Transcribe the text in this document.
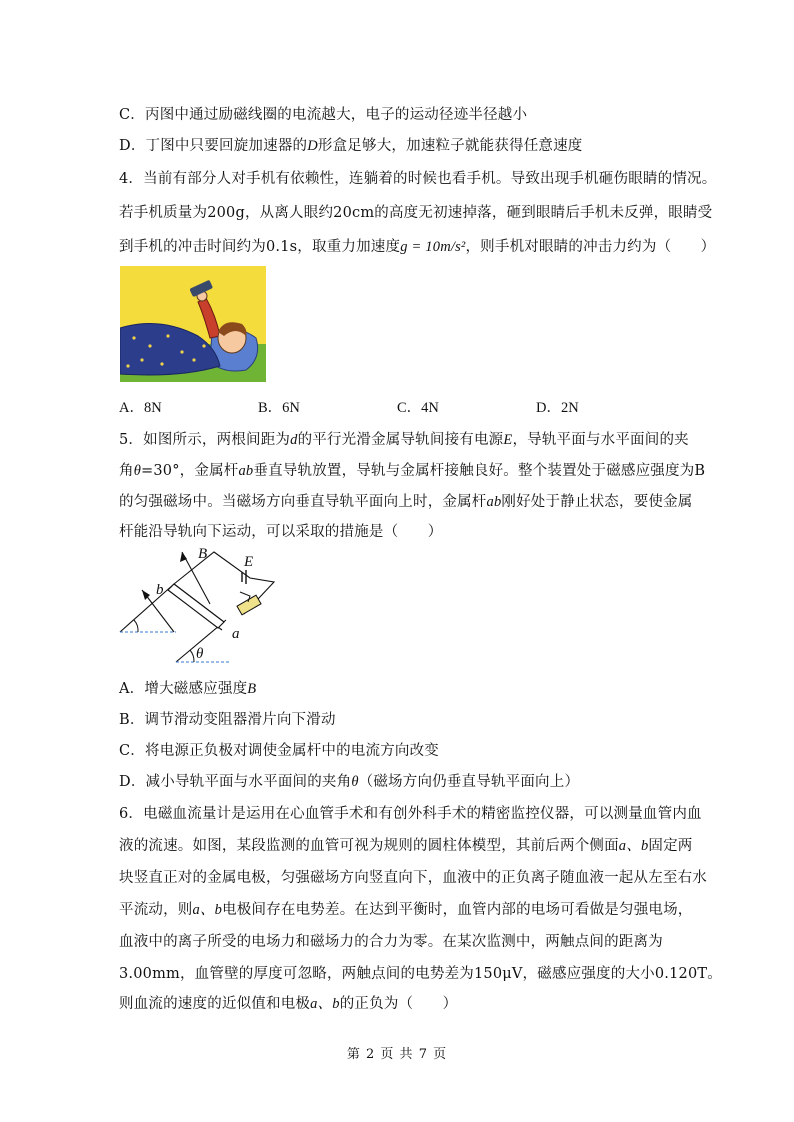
C．丙图中通过励磁线圈的电流越大，电子的运动径迹半径越小
D．丁图中只要回旋加速器的D形盒足够大，加速粒子就能获得任意速度
4．当前有部分人对手机有依赖性，连躺着的时候也看手机。导致出现手机砸伤眼睛的情况。
若手机质量为200g，从离人眼约20cm的高度无初速掉落，砸到眼睛后手机未反弹，眼睛受
到手机的冲击时间约为0.1s，取重力加速度g = 10m/s²，则手机对眼睛的冲击力约为（　　）
A．8N	B．6N	C．4N	D．2N
5．如图所示，两根间距为d的平行光滑金属导轨间接有电源E，导轨平面与水平面间的夹
角θ=30°，金属杆ab垂直导轨放置，导轨与金属杆接触良好。整个装置处于磁感应强度为B
的匀强磁场中。当磁场方向垂直导轨平面向上时，金属杆ab刚好处于静止状态，要使金属
杆能沿导轨向下运动，可以采取的措施是（　　）
B E
b
a
θ
A．增大磁感应强度B
B．调节滑动变阻器滑片向下滑动
C．将电源正负极对调使金属杆中的电流方向改变
D．减小导轨平面与水平面间的夹角θ（磁场方向仍垂直导轨平面向上）
6．电磁血流量计是运用在心血管手术和有创外科手术的精密监控仪器，可以测量血管内血
液的流速。如图，某段监测的血管可视为规则的圆柱体模型，其前后两个侧面a、b固定两
块竖直正对的金属电极，匀强磁场方向竖直向下，血液中的正负离子随血液一起从左至右水
平流动，则a、b电极间存在电势差。在达到平衡时，血管内部的电场可看做是匀强电场，
血液中的离子所受的电场力和磁场力的合力为零。在某次监测中，两触点间的距离为
3.00mm，血管壁的厚度可忽略，两触点间的电势差为150μV，磁感应强度的大小0.120T。
则血流的速度的近似值和电极a、b的正负为（　　）
第 2 页 共 7 页
